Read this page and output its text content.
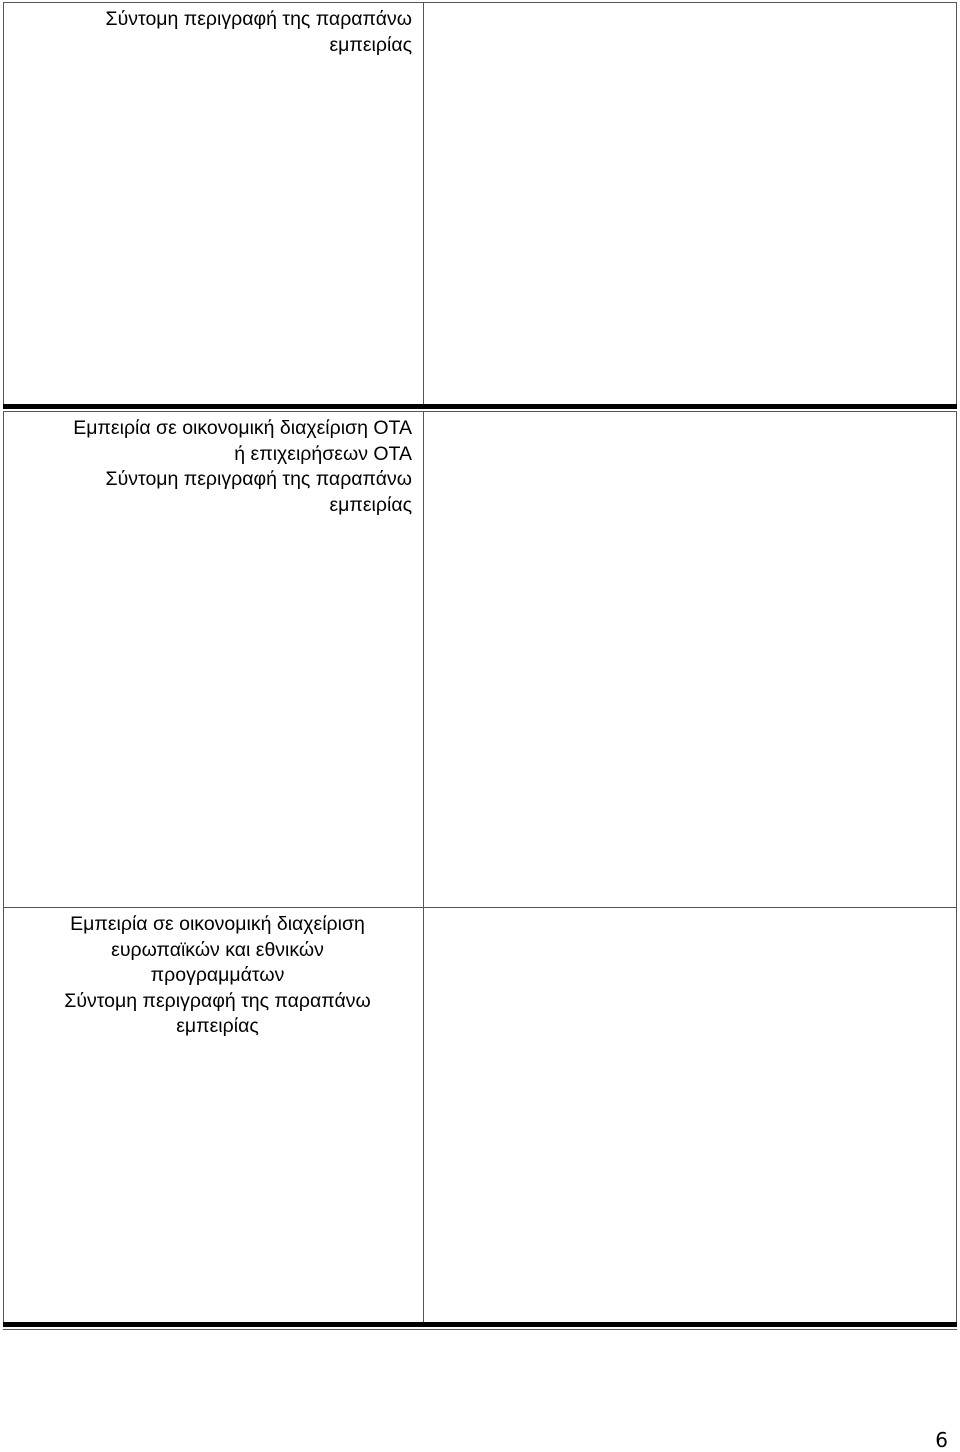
Σύντομη περιγραφή της παραπάνω
εμπειρίας
Εμπειρία σε οικονομική διαχείριση ΟΤΑ
ή επιχειρήσεων ΟΤΑ
Σύντομη περιγραφή της παραπάνω
εμπειρίας
Εμπειρία σε οικονομική διαχείριση
ευρωπαϊκών και εθνικών
προγραμμάτων
Σύντομη περιγραφή της παραπάνω
εμπειρίας
6
